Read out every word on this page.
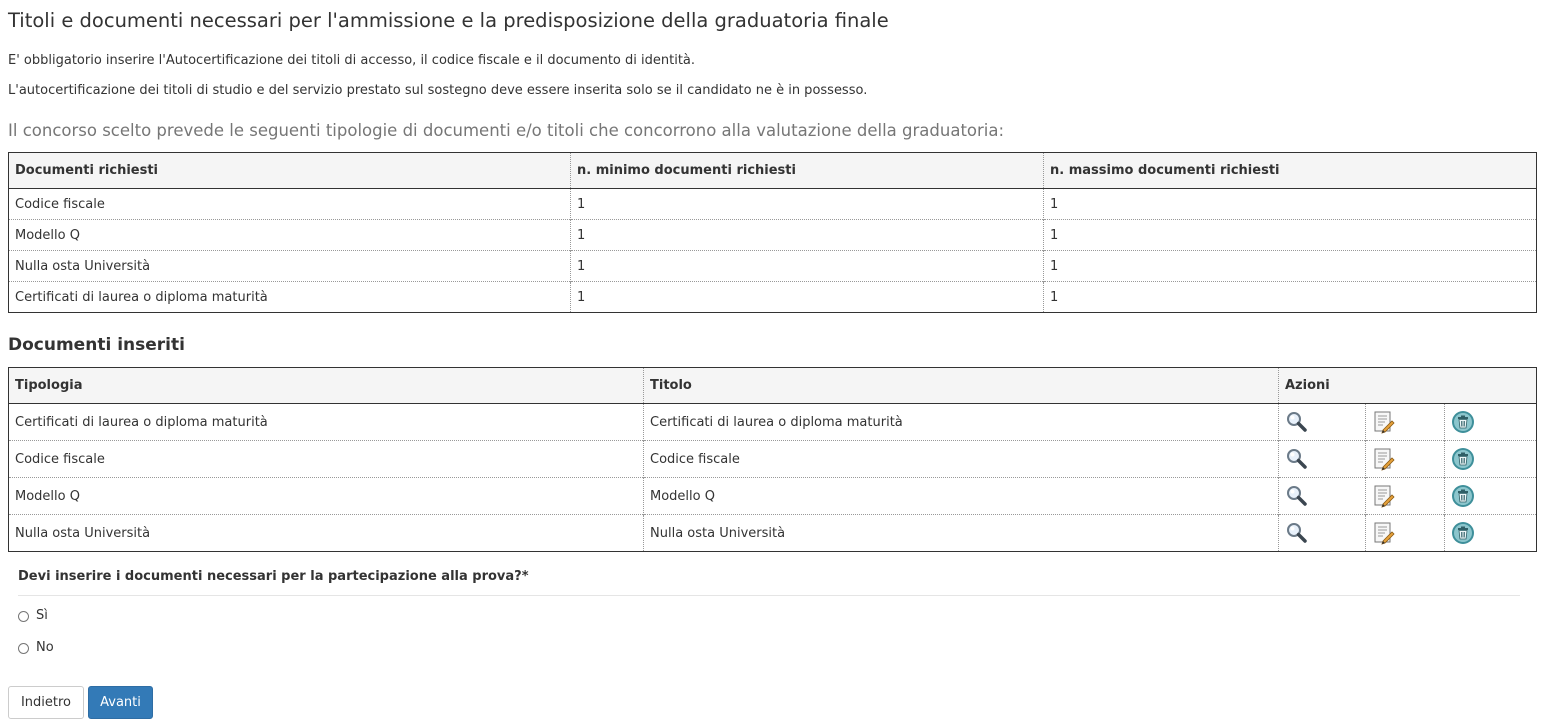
Titoli e documenti necessari per l'ammissione e la predisposizione della graduatoria finale

E' obbligatorio inserire l'Autocertificazione dei titoli di accesso, il codice fiscale e il documento di identità.

L'autocertificazione dei titoli di studio e del servizio prestato sul sostegno deve essere inserita solo se il candidato ne è in possesso.

Il concorso scelto prevede le seguenti tipologie di documenti e/o titoli che concorrono alla valutazione della graduatoria:

Documenti richiesti	n. minimo documenti richiesti	n. massimo documenti richiesti
Codice fiscale	1	1
Modello Q	1	1
Nulla osta Università	1	1
Certificati di laurea o diploma maturità	1	1
Documenti inseriti
Tipologia	Titolo	Azioni		
Certificati di laurea o diploma maturità	Certificati di laurea o diploma maturità	

Codice fiscale	Codice fiscale	

Modello Q	Modello Q	

Nulla osta Università	Nulla osta Università	

Devi inserire i documenti necessari per la partecipazione alla prova?*
Sì
No
Indietro	Avanti
